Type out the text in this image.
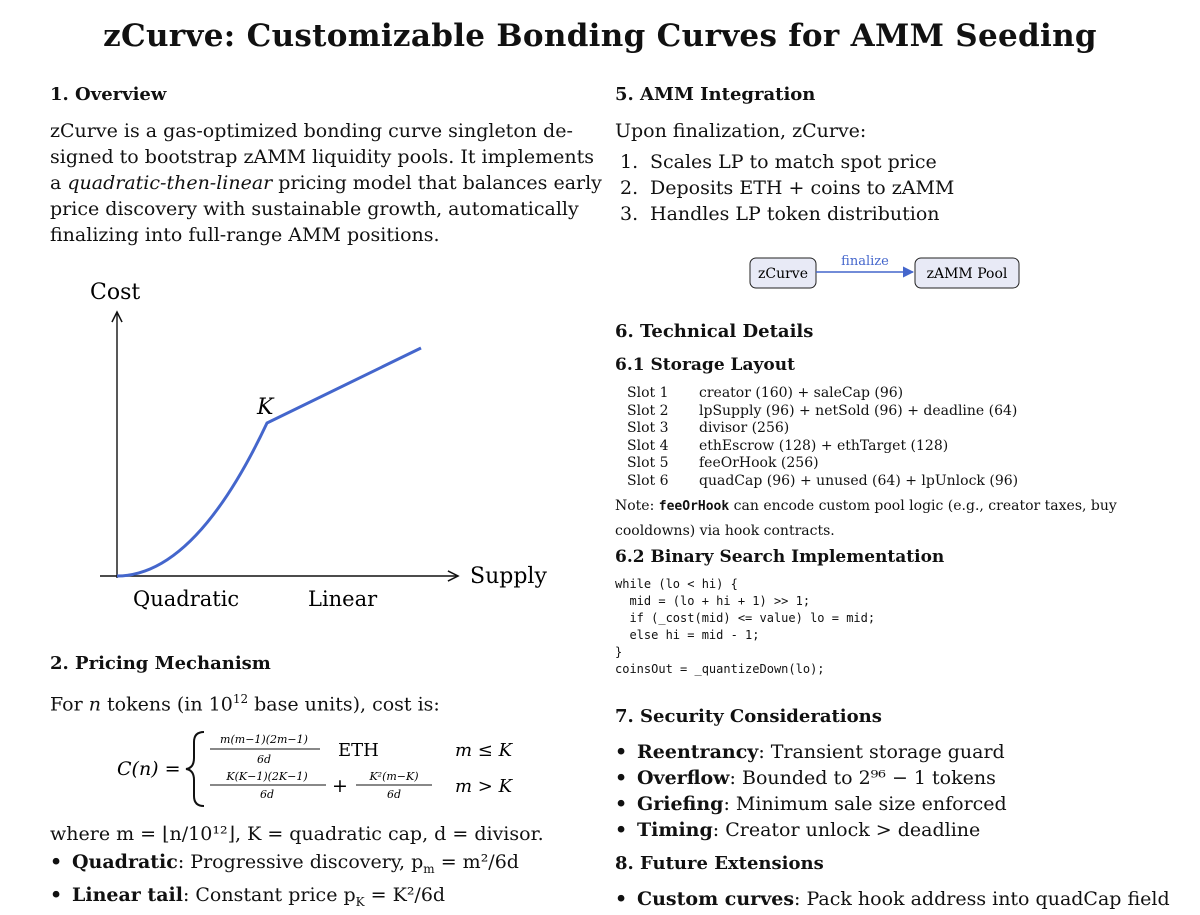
zCurve: Customizable Bonding Curves for AMM Seeding
1. Overview

zCurve is a gas-optimized bonding curve singleton de-

signed to bootstrap zAMM liquidity pools. It implements

a quadratic-then-linear pricing model that balances early

price discovery with sustainable growth, automatically

finalizing into full-range AMM positions.

Cost
Supply
K
Quadratic	Linear
2. Pricing Mechanism

For n tokens (in $10^{12}$ base units), cost is:

C(n) =
m(m−1)(2m−1)
6d	ETH	m ≤ K
K(K−1)(2K−1)
6d	+ K²(m−K)
6d	m > K

where m = ⌊n/10¹²⌋, K = quadratic cap, d = divisor.

• Quadratic: Progressive discovery, $p_m = m^2/6d$
• Linear tail: Constant price $p_K = K^2/6d$
5. AMM Integration

Upon finalization, zCurve:

1. Scales LP to match spot price
2. Deposits ETH + coins to zAMM
3. Handles LP token distribution
zCurve
finalize
zAMM Pool
6. Technical Details
6.1 Storage Layout
Slot 1	creator (160) + saleCap (96)
Slot 2	lpSupply (96) + netSold (96) + deadline (64)
Slot 3	divisor (256)
Slot 4	ethEscrow (128) + ethTarget (128)
Slot 5	feeOrHook (256)
Slot 6	quadCap (96) + unused (64) + lpUnlock (96)
Note: feeOrHook can encode custom pool logic (e.g., creator taxes, buy cooldowns) via hook contracts.
6.2 Binary Search Implementation
while (lo < hi) {
mid = (lo + hi + 1) >> 1;
if (_cost(mid) <= value) lo = mid;
else hi = mid - 1;
}
coinsOut = _quantizeDown(lo);
7. Security Considerations
• Reentrancy: Transient storage guard
• Overflow: Bounded to 2⁹⁶ − 1 tokens
• Griefing: Minimum sale size enforced
• Timing: Creator unlock > deadline
8. Future Extensions
• Custom curves: Pack hook address into quadCap field
